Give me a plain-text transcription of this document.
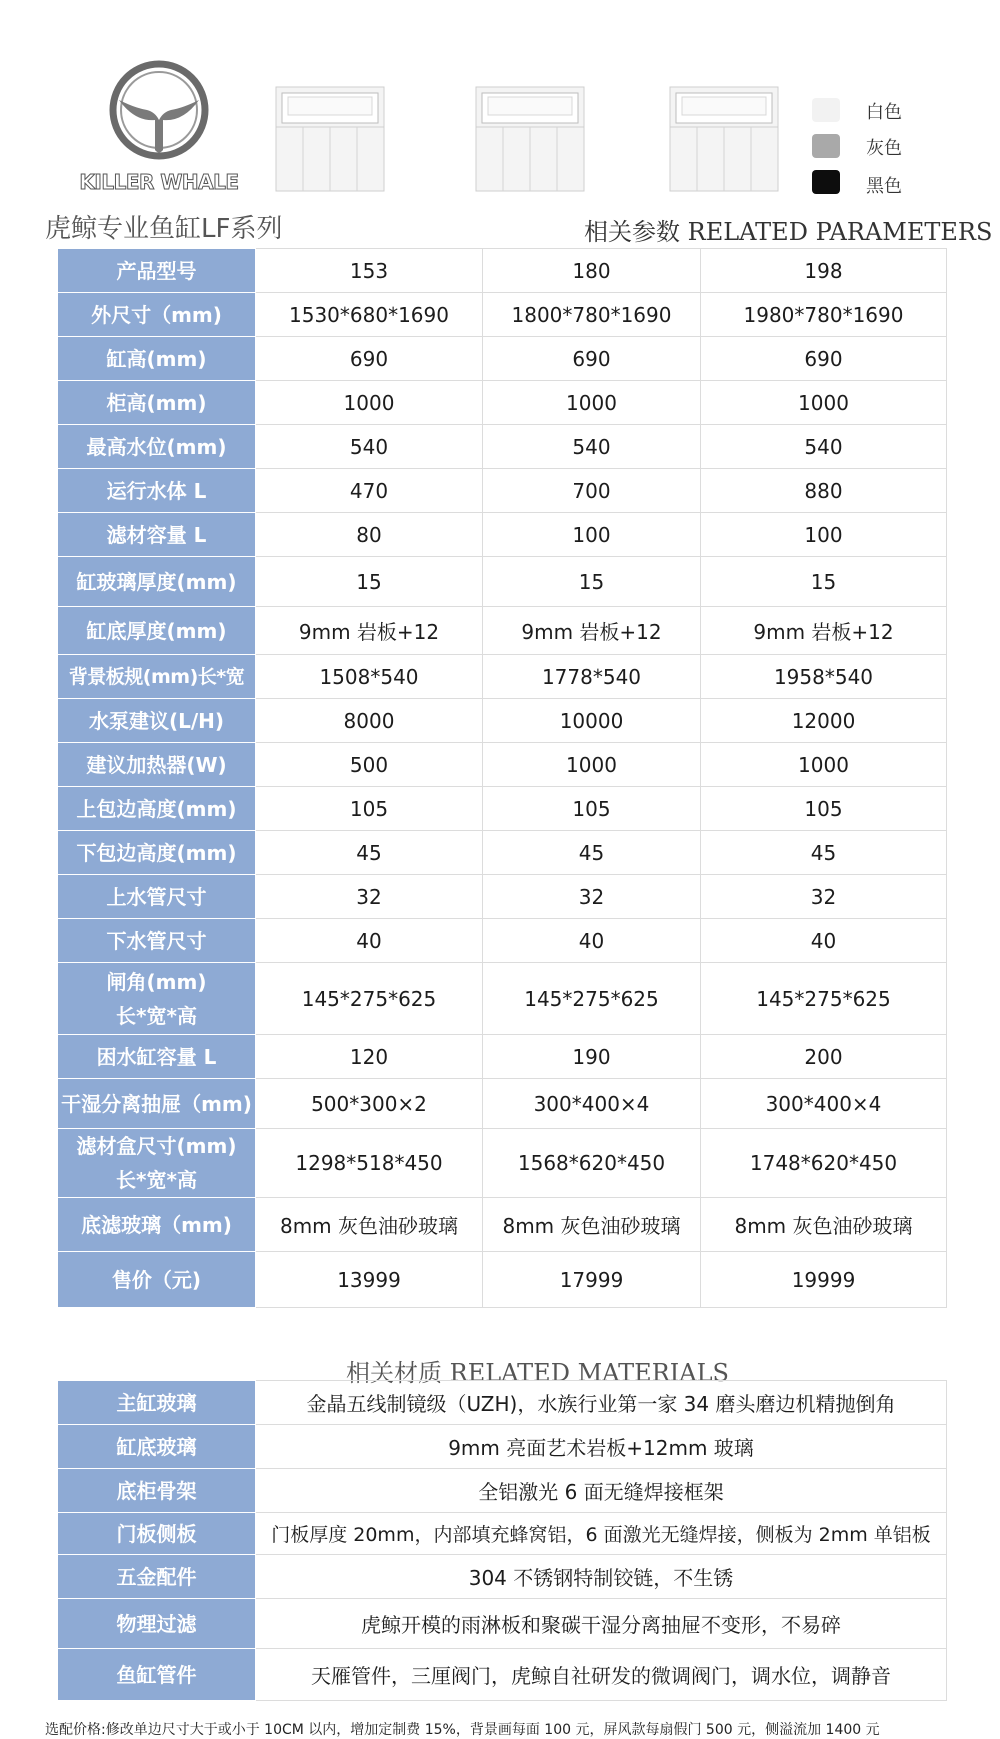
KILLER WHALE
白色
灰色
黑色
虎鲸专业鱼缸LF系列	相关参数 RELATED PARAMETERS
产品型号	153	180	198

外尺寸（mm)	1530*680*1690	1800*780*1690	1980*780*1690

缸高(mm)	690	690	690

柜高(mm)	1000	1000	1000

最高水位(mm)	540	540	540

运行水体 L	470	700	880

滤材容量 L	80	100	100

缸玻璃厚度(mm)	15	15	15

缸底厚度(mm)	9mm 岩板+12	9mm 岩板+12	9mm 岩板+12

背景板规(mm)长*宽	1508*540	1778*540	1958*540

水泵建议(L/H)	8000	10000	12000

建议加热器(W)	500	1000	1000

上包边高度(mm)	105	105	105

下包边高度(mm)	45	45	45

上水管尺寸	32	32	32

下水管尺寸	40	40	40

闸角(mm)
长*宽*高	145*275*625	145*275*625	145*275*625

困水缸容量 L	120	190	200

干湿分离抽屉（mm)	500*300×2	300*400×4	300*400×4

滤材盒尺寸(mm)
长*宽*高	1298*518*450	1568*620*450	1748*620*450

底滤玻璃（mm)	8mm 灰色油砂玻璃	8mm 灰色油砂玻璃	8mm 灰色油砂玻璃

售价（元)	13999	17999	19999
相关材质 RELATED MATERIALS
主缸玻璃	金晶五线制镜级（UZH)，水族行业第一家 34 磨头磨边机精抛倒角
缸底玻璃	9mm 亮面艺术岩板+12mm 玻璃
底柜骨架	全铝激光 6 面无缝焊接框架
门板侧板	门板厚度 20mm，内部填充蜂窝铝，6 面激光无缝焊接，侧板为 2mm 单铝板
五金配件	304 不锈钢特制铰链，不生锈
物理过滤	虎鲸开模的雨淋板和聚碳干湿分离抽屉不变形，不易碎
鱼缸管件	天雁管件，三厘阀门，虎鲸自社研发的微调阀门，调水位，调静音
选配价格:修改单边尺寸大于或小于 10CM 以内，增加定制费 15%，背景画每面 100 元，屏风款每扇假门 500 元，侧溢流加 1400 元
